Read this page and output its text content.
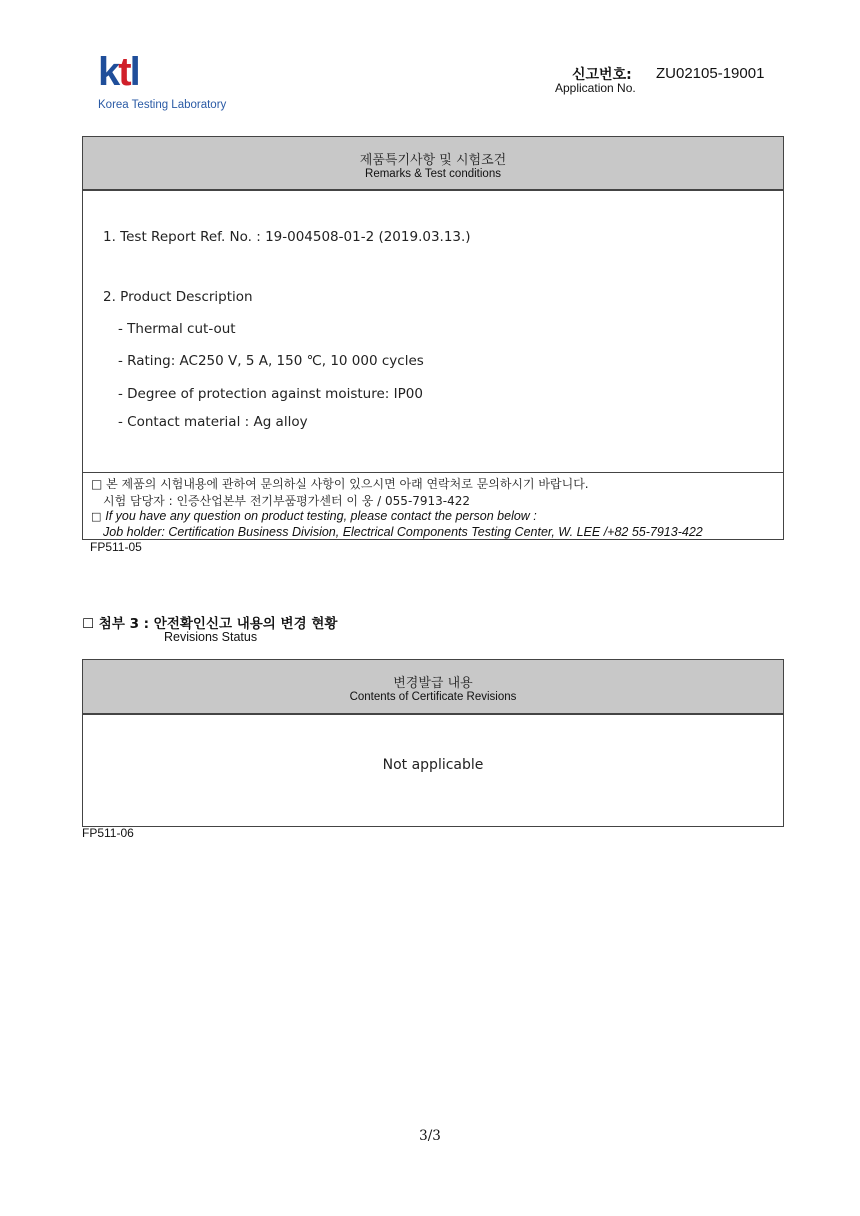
ktl
Korea Testing Laboratory
신고번호:
Application No.
ZU02105-19001
제품특기사항 및 시험조건
Remarks & Test conditions
1. Test Report Ref. No. : 19-004508-01-2 (2019.03.13.)
2. Product Description
- Thermal cut-out
- Rating: AC250 V, 5 A, 150 ℃, 10 000 cycles
- Degree of protection against moisture: IP00
- Contact material : Ag alloy
□ 본 제품의 시험내용에 관하여 문의하실 사항이 있으시면 아래 연락처로 문의하시기 바랍니다.
시험 담당자 : 인증산업본부 전기부품평가센터 이 웅 / 055-7913-422
□ If you have any question on product testing, please contact the person below :
Job holder: Certification Business Division, Electrical Components Testing Center, W. LEE /+82 55-7913-422
FP511-05
☐ 첨부 3 : 안전확인신고 내용의 변경 현황
Revisions Status
변경발급 내용
Contents of Certificate Revisions
Not applicable
FP511-06
3/3
